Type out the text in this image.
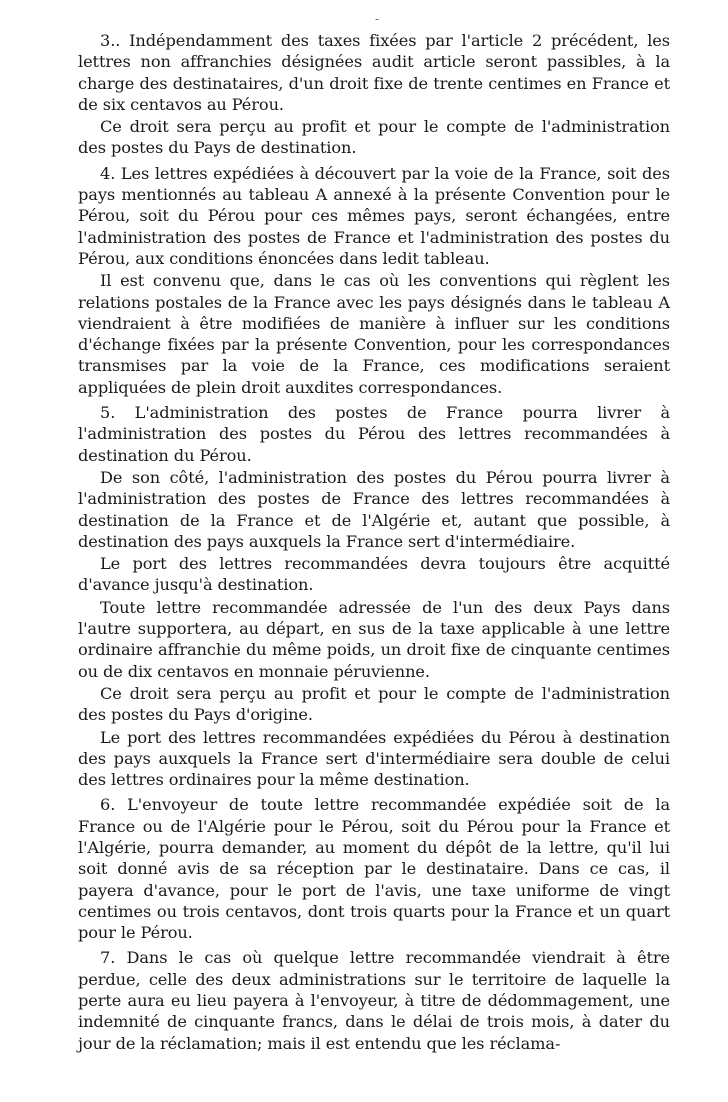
-

3.. Indépendamment des taxes fixées par l'article 2 précédent, les lettres non affranchies désignées audit article seront passibles, à la charge des destinataires, d'un droit fixe de trente centimes en France et de six centavos au Pérou.

Ce droit sera perçu au profit et pour le compte de l'administration des postes du Pays de destination.

4. Les lettres expédiées à découvert par la voie de la France, soit des pays mentionnés au tableau A annexé à la présente Convention pour le Pérou, soit du Pérou pour ces mêmes pays, seront échangées, entre l'administration des postes de France et l'administration des postes du Pérou, aux conditions énoncées dans ledit tableau.

Il est convenu que, dans le cas où les conventions qui règlent les relations postales de la France avec les pays désignés dans le tableau A viendraient à être modifiées de manière à influer sur les conditions d'échange fixées par la présente Convention, pour les correspondances transmises par la voie de la France, ces modifications seraient appliquées de plein droit auxdites correspondances.

5. L'administration des postes de France pourra livrer à l'administration des postes du Pérou des lettres recommandées à destination du Pérou.

De son côté, l'administration des postes du Pérou pourra livrer à l'administration des postes de France des lettres recommandées à destination de la France et de l'Algérie et, autant que possible, à destination des pays auxquels la France sert d'intermédiaire.

Le port des lettres recommandées devra toujours être acquitté d'avance jusqu'à destination.

Toute lettre recommandée adressée de l'un des deux Pays dans l'autre supportera, au départ, en sus de la taxe applicable à une lettre ordinaire affranchie du même poids, un droit fixe de cinquante centimes ou de dix centavos en monnaie péruvienne.

Ce droit sera perçu au profit et pour le compte de l'administration des postes du Pays d'origine.

Le port des lettres recommandées expédiées du Pérou à destination des pays auxquels la France sert d'intermédiaire sera double de celui des lettres ordinaires pour la même destination.

6. L'envoyeur de toute lettre recommandée expédiée soit de la France ou de l'Algérie pour le Pérou, soit du Pérou pour la France et l'Algérie, pourra demander, au moment du dépôt de la lettre, qu'il lui soit donné avis de sa réception par le destinataire. Dans ce cas, il payera d'avance, pour le port de l'avis, une taxe uniforme de vingt centimes ou trois centavos, dont trois quarts pour la France et un quart pour le Pérou.

7. Dans le cas où quelque lettre recommandée viendrait à être perdue, celle des deux administrations sur le territoire de laquelle la perte aura eu lieu payera à l'envoyeur, à titre de dédommagement, une indemnité de cinquante francs, dans le délai de trois mois, à dater du jour de la réclamation; mais il est entendu que les réclama-
